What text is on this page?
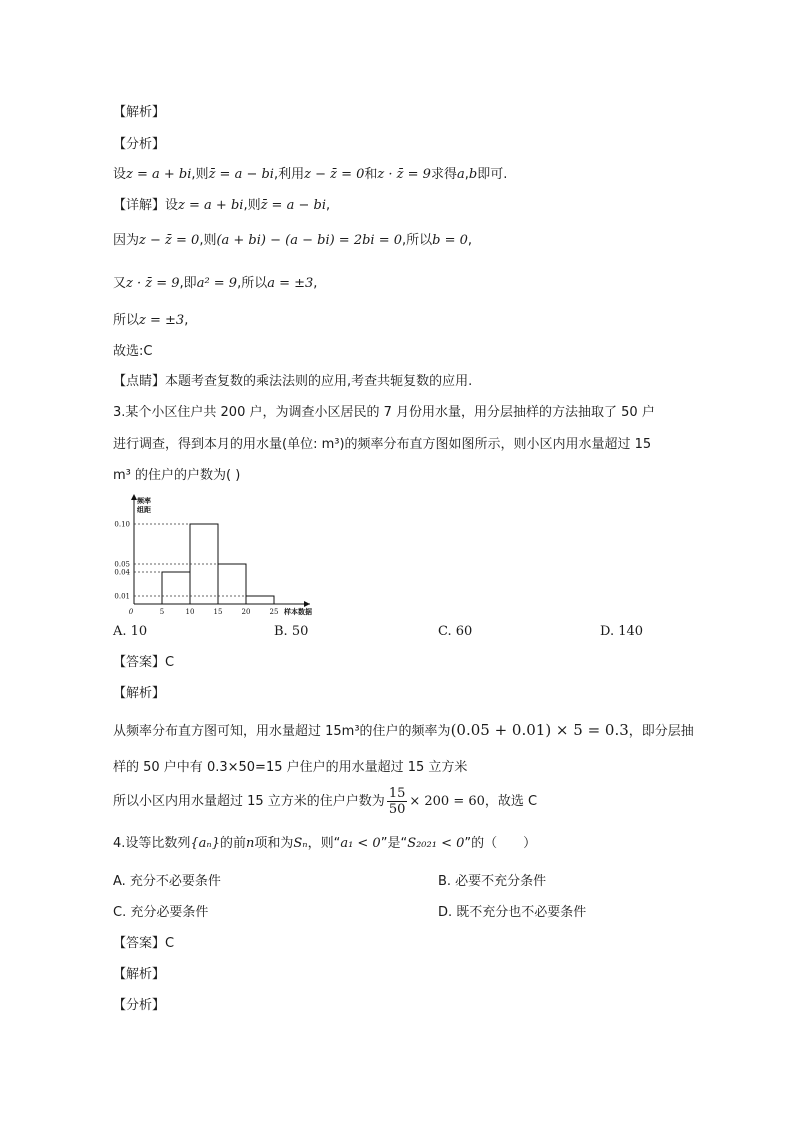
【解析】
【分析】
设z = a + bi,则z̄ = a − bi,利用z − z̄ = 0和z · z̄ = 9求得a,b即可.
【详解】设z = a + bi,则z̄ = a − bi,
因为z − z̄ = 0,则(a + bi) − (a − bi) = 2bi = 0,所以b = 0,
又z · z̄ = 9,即a² = 9,所以a = ±3,
所以z = ±3,
故选:C
【点睛】本题考查复数的乘法法则的应用,考查共轭复数的应用.
3.某个小区住户共 200 户，为调查小区居民的 7 月份用水量，用分层抽样的方法抽取了 50 户
进行调查，得到本月的用水量(单位: m³)的频率分布直方图如图所示，则小区内用水量超过 15
m³ 的住户的户数为( )
0	5	10	15	20	25
0.01
0.04
0.05
0.10
频率
组距
样本数据
A. 10	B. 50	C. 60	D. 140
【答案】C
【解析】
从频率分布直方图可知，用水量超过 15m³的住户的频率为(0.05 + 0.01) × 5 = 0.3，即分层抽
样的 50 户中有 0.3×50=15 户住户的用水量超过 15 立方米
所以小区内用水量超过 15 立方米的住户户数为 $\frac{15}{50} \times 200 = 60$，故选 C
4.设等比数列{aₙ}的前n项和为Sₙ，则“a₁ < 0”是“S₂₀₂₁ < 0”的（　　）
A. 充分不必要条件	B. 必要不充分条件
C. 充分必要条件	D. 既不充分也不必要条件
【答案】C
【解析】
【分析】
